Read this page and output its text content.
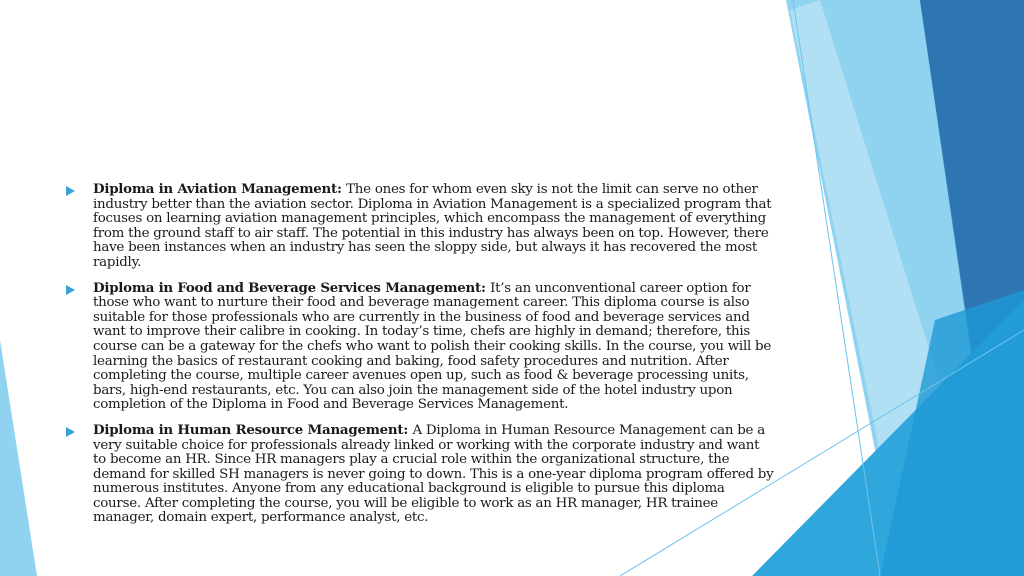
Diploma in Aviation Management: The ones for whom even sky is not the limit can serve no other industry better than the aviation sector. Diploma in Aviation Management is a specialized program that focuses on learning aviation management principles, which encompass the management of everything from the ground staff to air staff. The potential in this industry has always been on top. However, there have been instances when an industry has seen the sloppy side, but always it has recovered the most rapidly.
Diploma in Food and Beverage Services Management: It’s an unconventional career option for those who want to nurture their food and beverage management career. This diploma course is also suitable for those professionals who are currently in the business of food and beverage services and want to improve their calibre in cooking. In today’s time, chefs are highly in demand; therefore, this course can be a gateway for the chefs who want to polish their cooking skills. In the course, you will be learning the basics of restaurant cooking and baking, food safety procedures and nutrition. After completing the course, multiple career avenues open up, such as food & beverage processing units, bars, high-end restaurants, etc. You can also join the management side of the hotel industry upon completion of the Diploma in Food and Beverage Services Management.
Diploma in Human Resource Management: A Diploma in Human Resource Management can be a very suitable choice for professionals already linked or working with the corporate industry and want to become an HR. Since HR managers play a crucial role within the organizational structure, the demand for skilled SH managers is never going to down. This is a one-year diploma program offered by numerous institutes. Anyone from any educational background is eligible to pursue this diploma course. After completing the course, you will be eligible to work as an HR manager, HR trainee manager, domain expert, performance analyst, etc.
